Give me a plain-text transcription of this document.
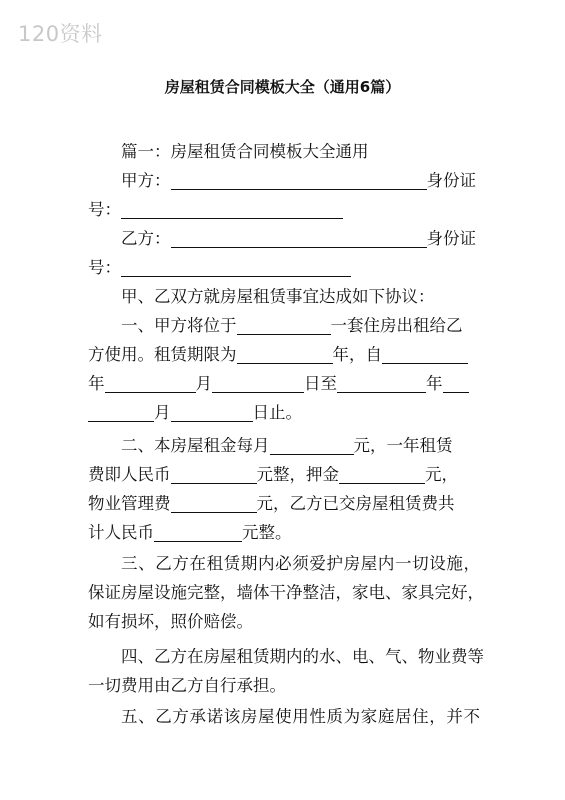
120资料
房屋租赁合同模板大全（通用6篇）
篇一：房屋租赁合同模板大全通用
甲方：	身份证
号：
乙方：	身份证
号：
甲、乙双方就房屋租赁事宜达成如下协议：
一、甲方将位于	一套住房出租给乙
方使用。租赁期限为	年，自
年	月	日至	年
月	日止。
二、本房屋租金每月	元，一年租赁
费即人民币	元整，押金	元，
物业管理费	元，乙方已交房屋租赁费共
计人民币	元整。
三、乙方在租赁期内必须爱护房屋内一切设施，
保证房屋设施完整，墙体干净整洁，家电、家具完好，
如有损坏，照价赔偿。
四、乙方在房屋租赁期内的水、电、气、物业费等
一切费用由乙方自行承担。
五、乙方承诺该房屋使用性质为家庭居住，并不
